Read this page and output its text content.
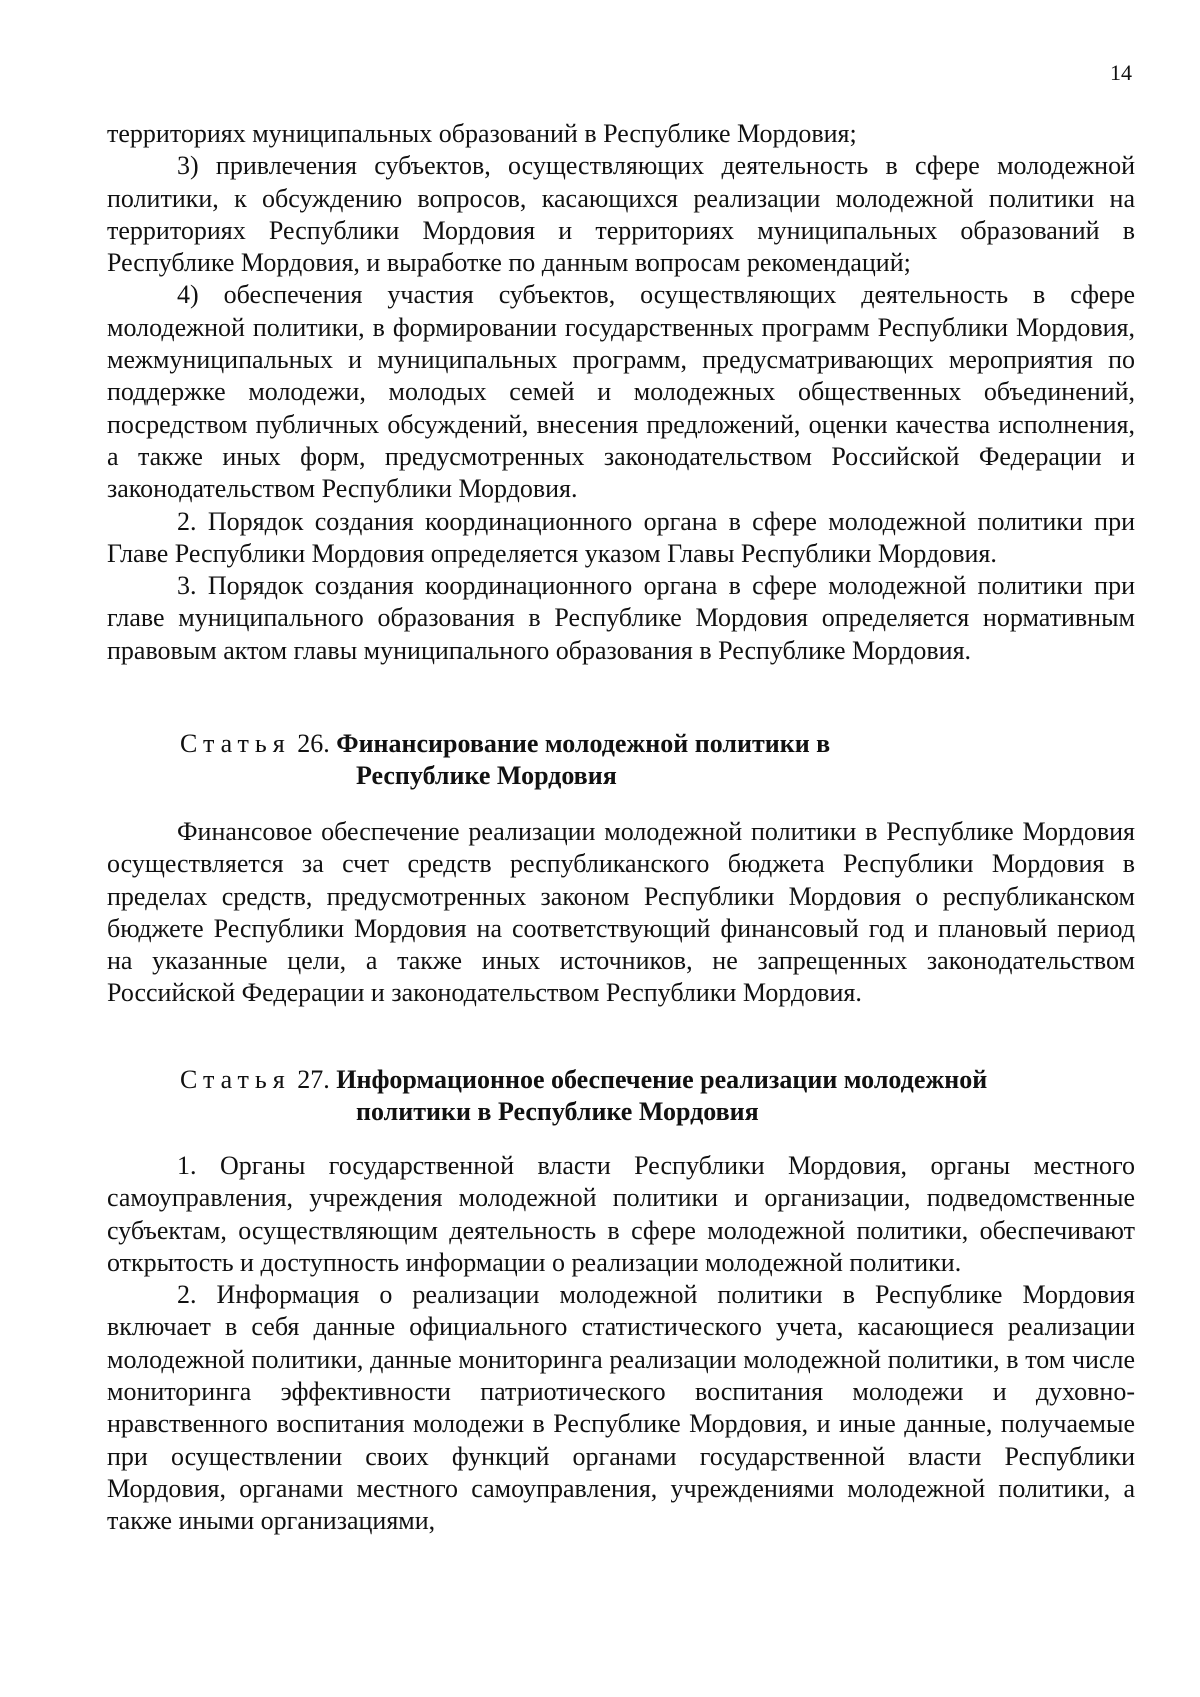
14

территориях муниципальных образований в Республике Мордовия;

3) привлечения субъектов, осуществляющих деятельность в сфере молодежной политики, к обсуждению вопросов, касающихся реализации молодежной политики на территориях Республики Мордовия и территориях муниципальных образований в Республике Мордовия, и выработке по данным вопросам рекомендаций;

4) обеспечения участия субъектов, осуществляющих деятельность в сфере молодежной политики, в формировании государственных программ Республики Мордовия, межмуниципальных и муниципальных программ, предусматривающих мероприятия по поддержке молодежи, молодых семей и молодежных общественных объединений, посредством публичных обсуждений, внесения предложений, оценки качества исполнения, а также иных форм, предусмотренных законодательством Российской Федерации и законодательством Республики Мордовия.

2. Порядок создания координационного органа в сфере молодежной политики при Главе Республики Мордовия определяется указом Главы Республики Мордовия.

3. Порядок создания координационного органа в сфере молодежной политики при главе муниципального образования в Республике Мордовия определяется нормативным правовым актом главы муниципального образования в Республике Мордовия.

Статья 26. Финансирование молодежной политики в
Республике Мордовия

Финансовое обеспечение реализации молодежной политики в Республике Мордовия осуществляется за счет средств республиканского бюджета Республики Мордовия в пределах средств, предусмотренных законом Республики Мордовия о республиканском бюджете Республики Мордовия на соответствующий финансовый год и плановый период на указанные цели, а также иных источников, не запрещенных законодательством Российской Федерации и законодательством Республики Мордовия.

Статья 27. Информационное обеспечение реализации молодежной
политики в Республике Мордовия

1. Органы государственной власти Республики Мордовия, органы местного самоуправления, учреждения молодежной политики и организации, подведомственные субъектам, осуществляющим деятельность в сфере молодежной политики, обеспечивают открытость и доступность информации о реализации молодежной политики.

2. Информация о реализации молодежной политики в Республике Мордовия включает в себя данные официального статистического учета, касающиеся реализации молодежной политики, данные мониторинга реализации молодежной политики, в том числе мониторинга эффективности патриотического воспитания молодежи и духовно-нравственного воспитания молодежи в Республике Мордовия, и иные данные, получаемые при осуществлении своих функций органами государственной власти Республики Мордовия, органами местного самоуправления, учреждениями молодежной политики, а также иными организациями,
